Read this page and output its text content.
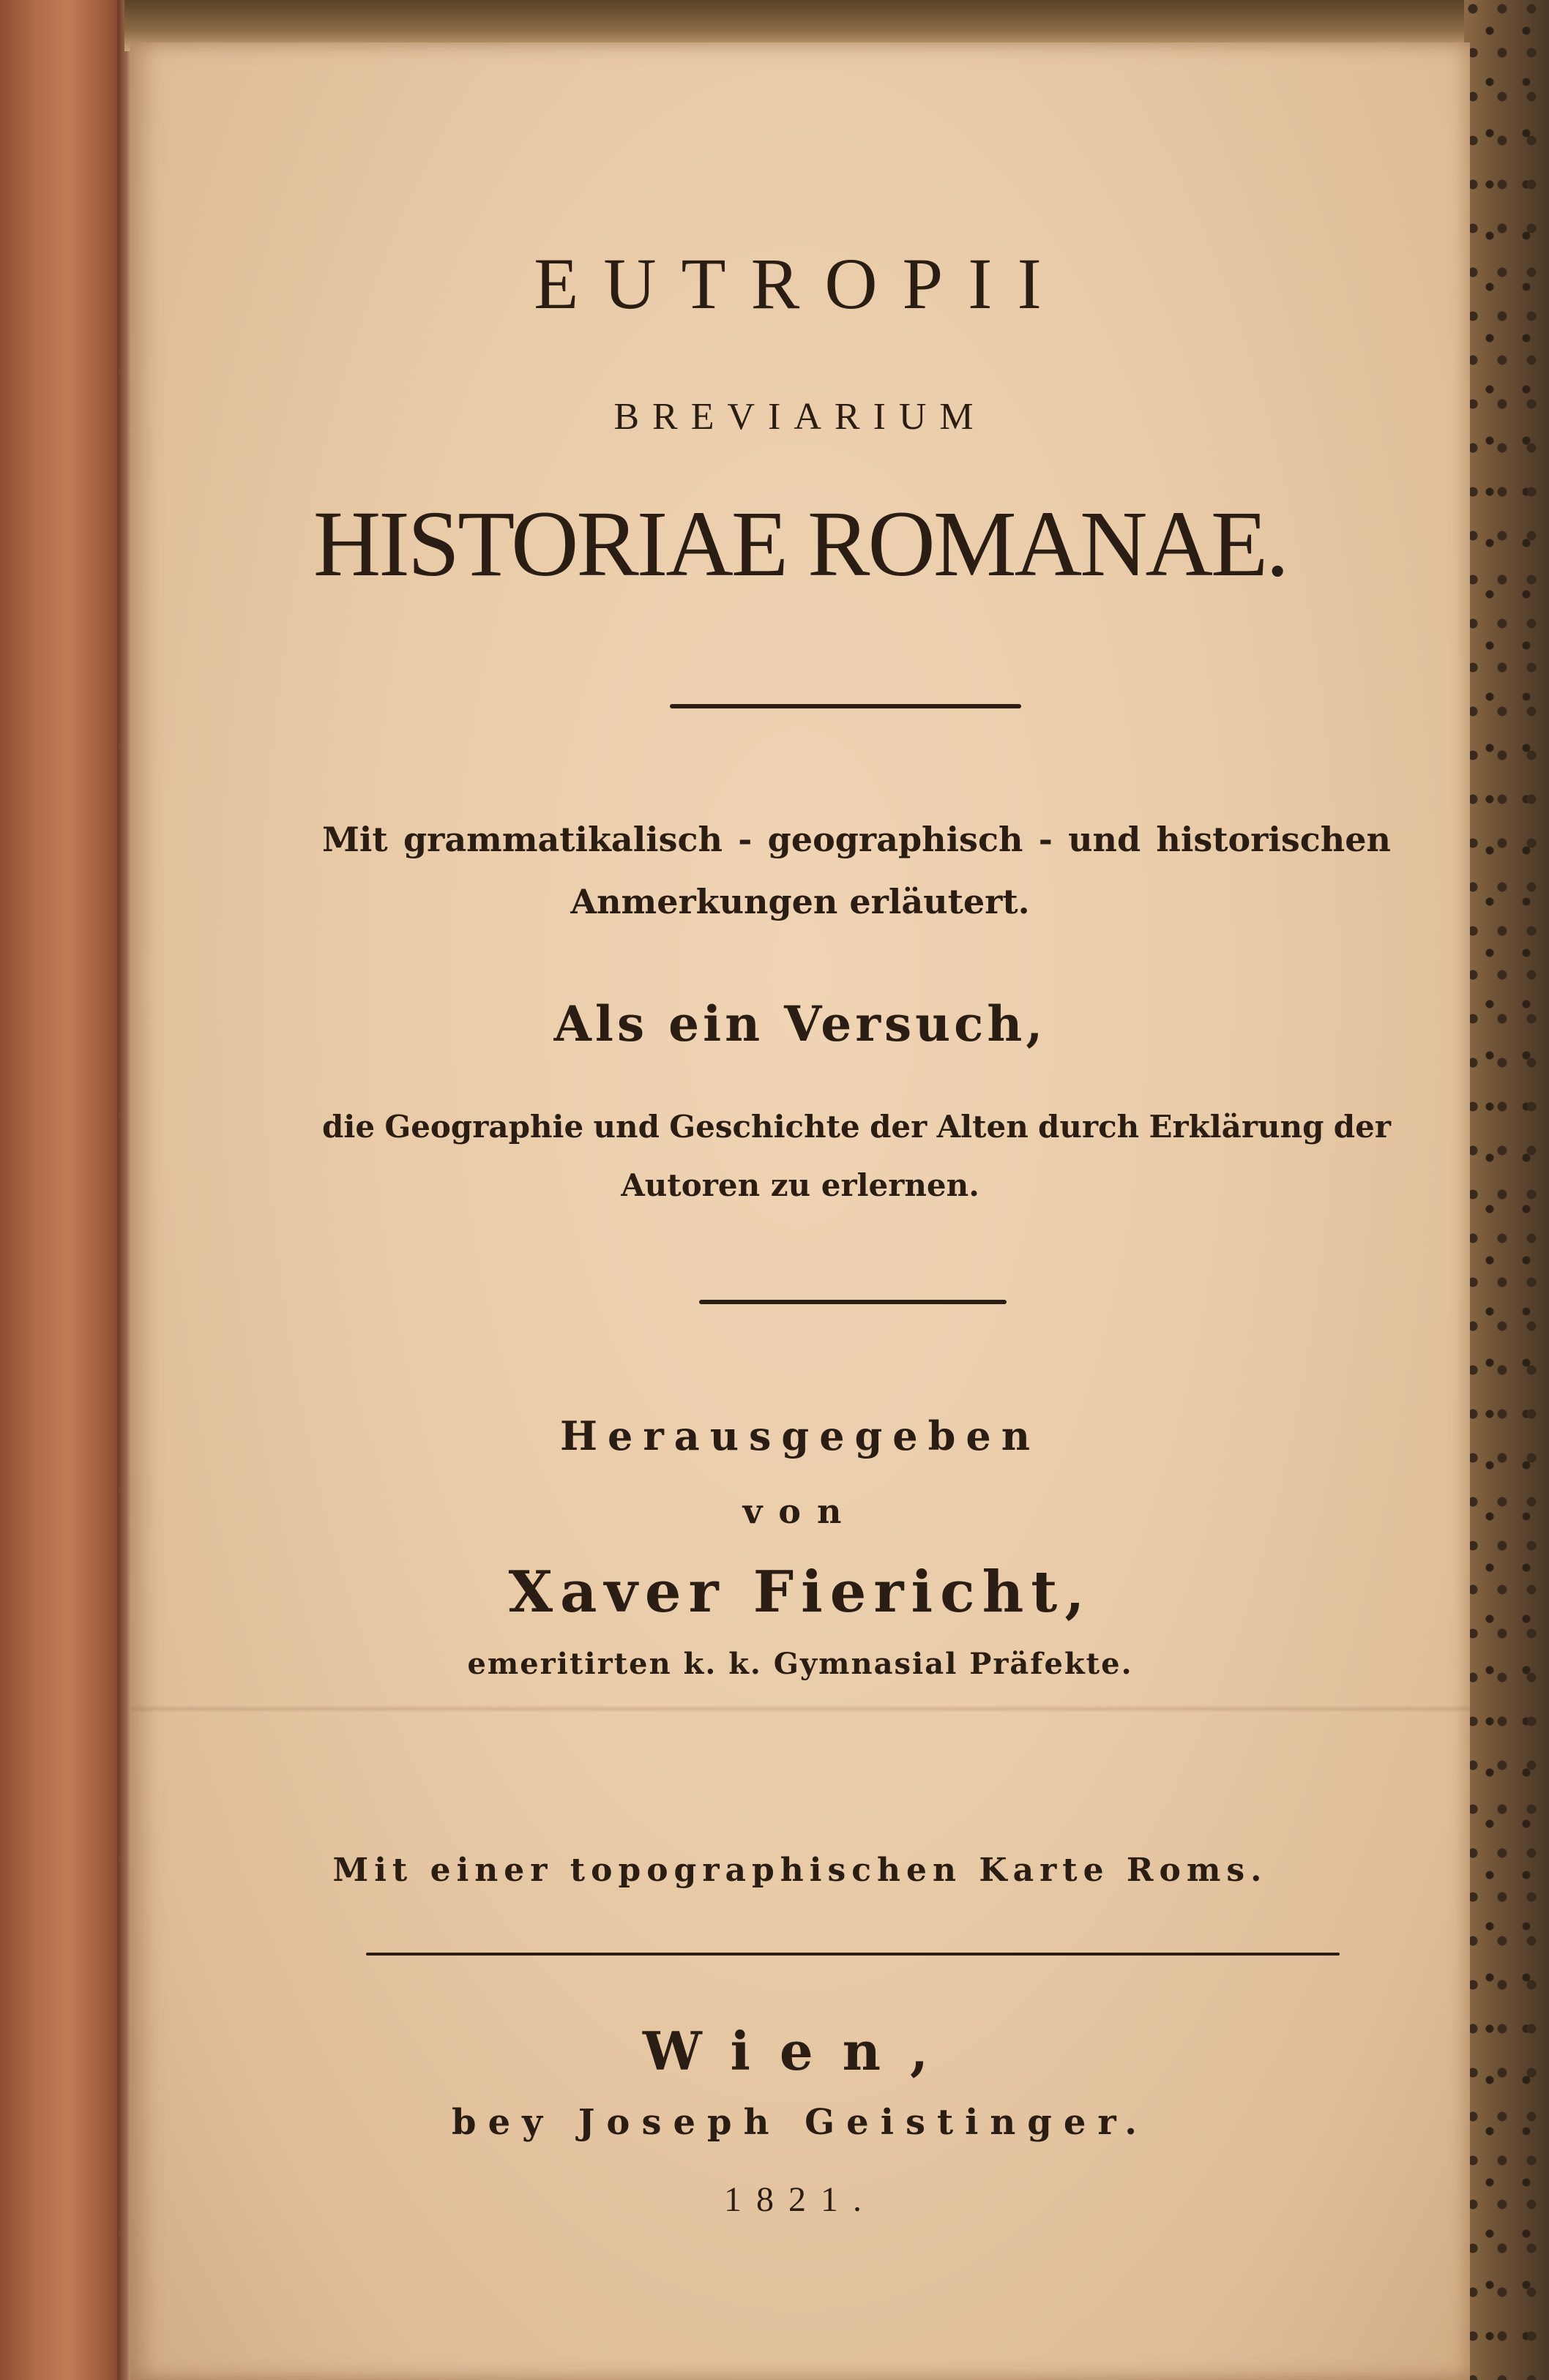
EUTROPII
BREVIARIUM
HISTORIAE ROMANAE.
Mit grammatikalisch - geographisch - und historischen
Anmerkungen erläutert.
Als ein Versuch,
die Geographie und Geschichte der Alten durch Erklärung der
Autoren zu erlernen.
Herausgegeben
von
Xaver Fiericht,
emeritirten k. k. Gymnasial Präfekte.
Mit einer topographischen Karte Roms.
Wien,
bey Joseph Geistinger.
1821.
